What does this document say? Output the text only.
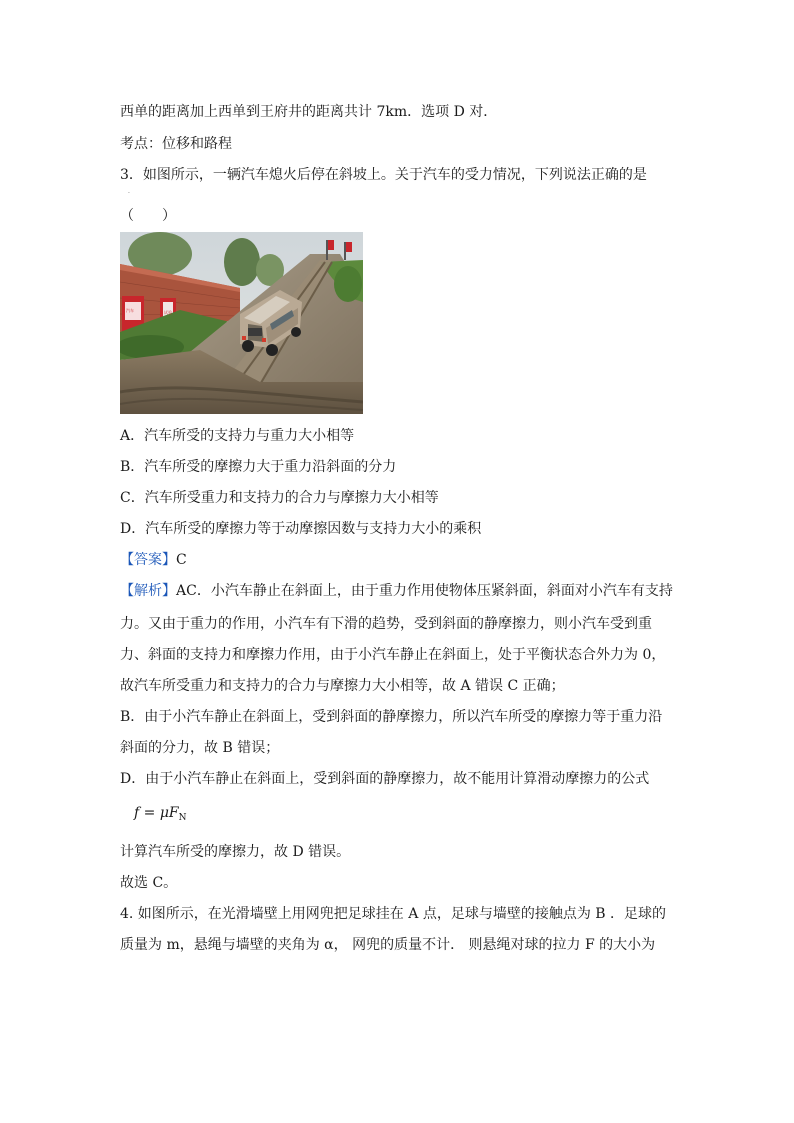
西单的距离加上西单到王府井的距离共计 7km．选项 D 对．
考点：位移和路程
3．如图所示，一辆汽车熄火后停在斜坡上。关于汽车的受力情况，下列说法正确的是
·
（　　）
汽车	试验
A．汽车所受的支持力与重力大小相等
B．汽车所受的摩擦力大于重力沿斜面的分力
C．汽车所受重力和支持力的合力与摩擦力大小相等
D．汽车所受的摩擦力等于动摩擦因数与支持力大小的乘积
【答案】C
【解析】AC．小汽车静止在斜面上，由于重力作用使物体压紧斜面，斜面对小汽车有支持
力。又由于重力的作用，小汽车有下滑的趋势，受到斜面的静摩擦力，则小汽车受到重
力、斜面的支持力和摩擦力作用，由于小汽车静止在斜面上，处于平衡状态合外力为 0，
故汽车所受重力和支持力的合力与摩擦力大小相等，故 A 错误 C 正确；
B．由于小汽车静止在斜面上，受到斜面的静摩擦力，所以汽车所受的摩擦力等于重力沿
斜面的分力，故 B 错误；
D．由于小汽车静止在斜面上，受到斜面的静摩擦力，故不能用计算滑动摩擦力的公式
$f = \mu F_N$
计算汽车所受的摩擦力，故 D 错误。
故选 C。
4. 如图所示，在光滑墙壁上用网兜把足球挂在 A 点，足球与墙壁的接触点为 B ．足球的
质量为 m，悬绳与墙壁的夹角为 α， 网兜的质量不计． 则悬绳对球的拉力 F 的大小为
